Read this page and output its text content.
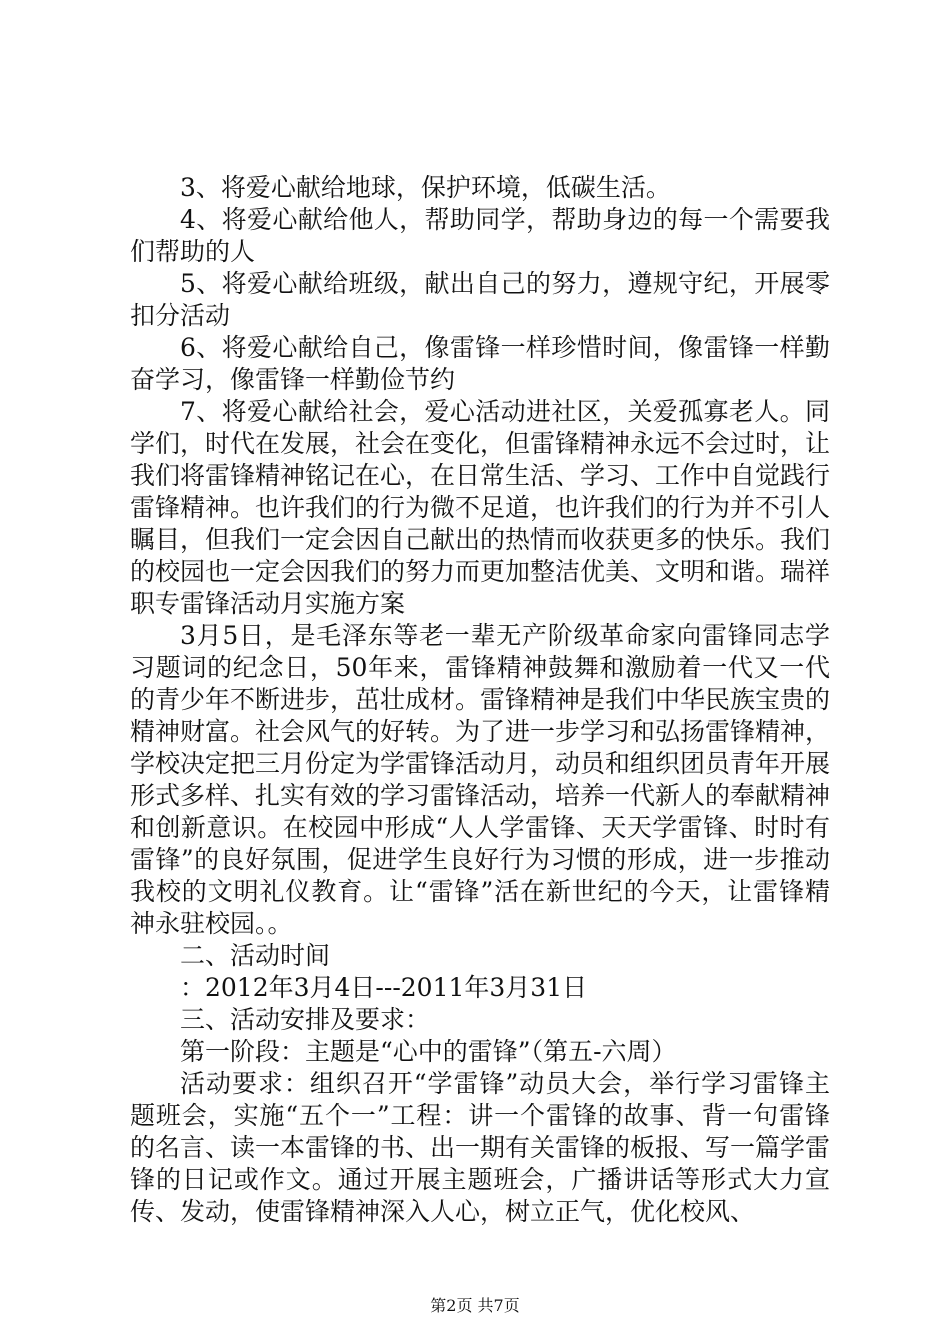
3、将爱心献给地球，保护环境，低碳生活。

4、将爱心献给他人，帮助同学，帮助身边的每一个需要我们帮助的人

5、将爱心献给班级，献出自己的努力，遵规守纪，开展零扣分活动

6、将爱心献给自己，像雷锋一样珍惜时间，像雷锋一样勤奋学习，像雷锋一样勤俭节约

7、将爱心献给社会，爱心活动进社区，关爱孤寡老人。同学们，时代在发展，社会在变化，但雷锋精神永远不会过时，让我们将雷锋精神铭记在心，在日常生活、学习、工作中自觉践行雷锋精神。也许我们的行为微不足道，也许我们的行为并不引人瞩目，但我们一定会因自己献出的热情而收获更多的快乐。我们的校园也一定会因我们的努力而更加整洁优美、文明和谐。瑞祥职专雷锋活动月实施方案

3月5日，是毛泽东等老一辈无产阶级革命家向雷锋同志学习题词的纪念日，50年来，雷锋精神鼓舞和激励着一代又一代的青少年不断进步，茁壮成材。雷锋精神是我们中华民族宝贵的精神财富。社会风气的好转。为了进一步学习和弘扬雷锋精神，学校决定把三月份定为学雷锋活动月，动员和组织团员青年开展形式多样、扎实有效的学习雷锋活动，培养一代新人的奉献精神和创新意识。在校园中形成“人人学雷锋、天天学雷锋、时时有雷锋”的良好氛围，促进学生良好行为习惯的形成，进一步推动我校的文明礼仪教育。让“雷锋”活在新世纪的今天，让雷锋精神永驻校园。。

二、活动时间

：2012年3月4日---2011年3月31日

三、活动安排及要求：

第一阶段：主题是“心中的雷锋”（第五-六周）

活动要求：组织召开“学雷锋”动员大会，举行学习雷锋主题班会，实施“五个一”工程：讲一个雷锋的故事、背一句雷锋的名言、读一本雷锋的书、出一期有关雷锋的板报、写一篇学雷锋的日记或作文。通过开展主题班会，广播讲话等形式大力宣传、发动，使雷锋精神深入人心，树立正气，优化校风、

第2页 共7页
